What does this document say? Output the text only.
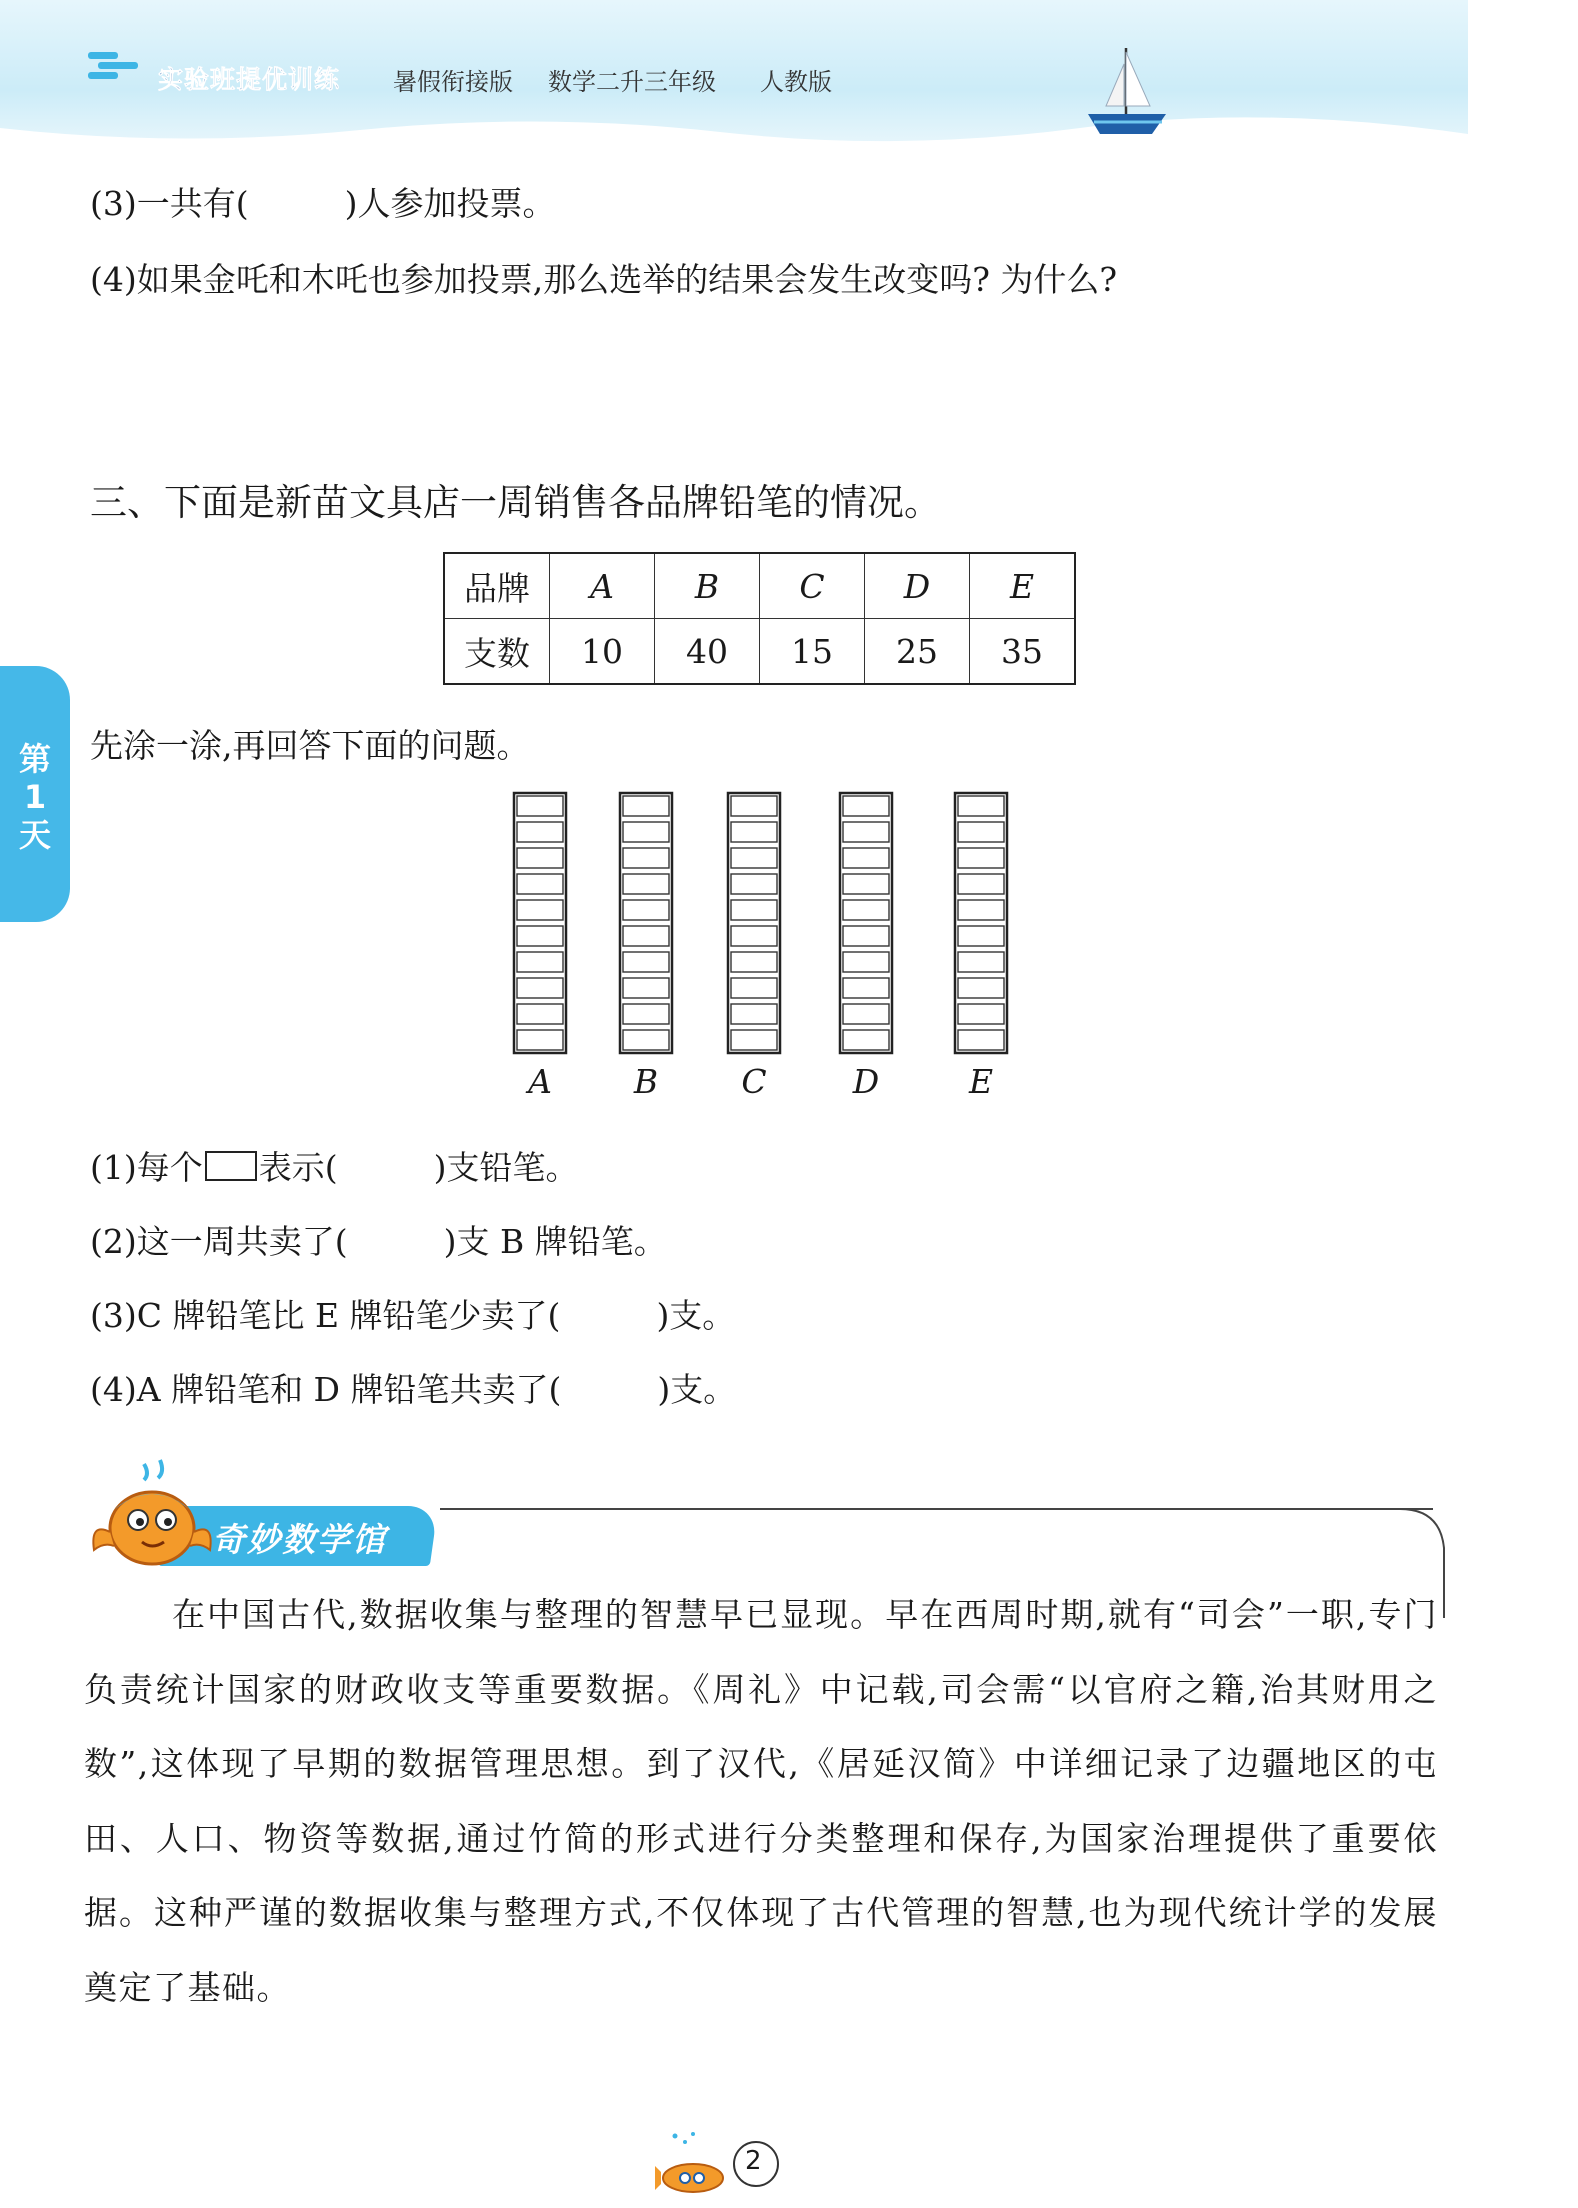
实验班提优训练 暑假衔接版 数学二升三年级 人教版
第1天
(3)一共有(	)人参加投票。
(4)如果金吒和木吒也参加投票,那么选举的结果会发生改变吗? 为什么?
三、下面是新苗文具店一周销售各品牌铅笔的情况。
品牌	A	B	C	D	E
支数	10	40	15	25	35
先涂一涂,再回答下面的问题。
A B	C	D	E
(1)每个 表示(	)支铅笔。
(2)这一周共卖了(	)支 B 牌铅笔。
(3)C 牌铅笔比 E 牌铅笔少卖了(	)支。
(4)A 牌铅笔和 D 牌铅笔共卖了(	)支。
奇妙数学馆
在中国古代,数据收集与整理的智慧早已显现。早在西周时期,就有“司会”一职,专门负责统计国家的财政收支等重要数据。《周礼》中记载,司会需“以官府之籍,治其财用之数”,这体现了早期的数据管理思想。到了汉代,《居延汉简》中详细记录了边疆地区的屯田、人口、物资等数据,通过竹简的形式进行分类整理和保存,为国家治理提供了重要依据。这种严谨的数据收集与整理方式,不仅体现了古代管理的智慧,也为现代统计学的发展奠定了基础。
2
